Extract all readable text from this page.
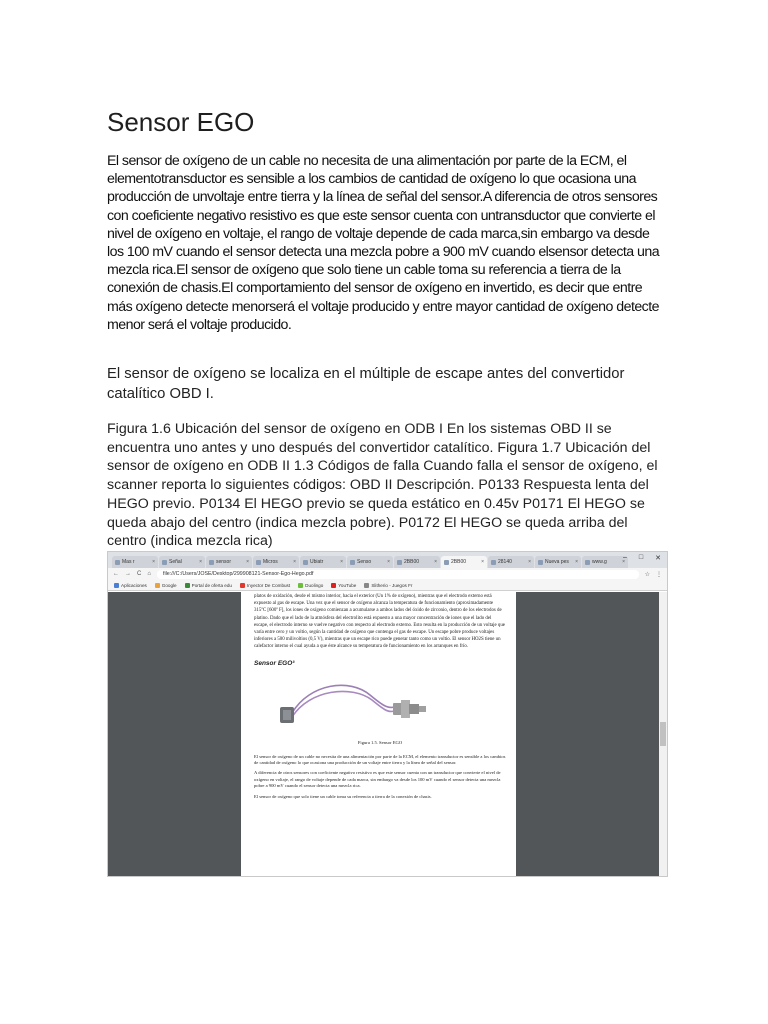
Sensor EGO

El sensor de oxígeno de un cable no necesita de una alimentación por parte de la ECM, el elementotransductor es sensible a los cambios de cantidad de oxígeno lo que ocasiona una producción de unvoltaje entre tierra y la línea de señal del sensor.A diferencia de otros sensores con coeficiente negativo resistivo es que este sensor cuenta con untransductor que convierte el nivel de oxígeno en voltaje, el rango de voltaje depende de cada marca,sin embargo va desde los 100 mV cuando el sensor detecta una mezcla pobre a 900 mV cuando elsensor detecta una mezcla rica.El sensor de oxígeno que solo tiene un cable toma su referencia a tierra de la conexión de chasis.El comportamiento del sensor de oxígeno en invertido, es decir que entre más oxígeno detecte menorserá el voltaje producido y entre mayor cantidad de oxígeno detecte menor será el voltaje producido.

El sensor de oxígeno se localiza en el múltiple de escape antes del convertidor catalítico OBD I.

Figura 1.6 Ubicación del sensor de oxígeno en ODB I En los sistemas OBD II se encuentra uno antes y uno después del convertidor catalítico. Figura 1.7 Ubicación del sensor de oxígeno en ODB II 1.3 Códigos de falla Cuando falla el sensor de oxígeno, el scanner reporta lo siguientes códigos: OBD II Descripción. P0133 Respuesta lenta del HEGO previo. P0134 El HEGO previo se queda estático en 0.45v P0171 El HEGO se queda abajo del centro (indica mezcla pobre). P0172 El HEGO se queda arriba del centro (indica mezcla rica)

Mas r	×	Señal	×	sensor	×	Micros	×	Ubiatr	×	Senso	×	2BB00	×	2BB00	×	28140	×	Nueva pes ×	www.g	×
– □ ✕
← → C ⌂	file:///C:/Users/JOSE/Desktop/299908121-Sensor-Ego-Hego.pdf	☆ ⋮
Aplicaciones	Google	Portal de oferta edu	Inyector De Combust	Duolingo	YouTube	Slitherio - Juegos Fr

platos de oxidación, desde el mismo interior, hacia el exterior (Un 1% de oxígeno), mientras que el electrodo externo está expuesto al gas de escape. Una vez que el sensor de oxígeno alcanza la temperatura de funcionamiento (aproximadamente 315ºC [600º F], los iones de oxígeno comienzan a acumularse a ambos lados del óxido de zirconio, dentro de los electrodos de platino. Dado que el lado de la atmósfera del electrolito está expuesto a una mayor concentración de iones que el lado del escape, el electrodo interno se vuelve negativo con respecto al electrodo externo. Esto resulta en la producción de un voltaje que varía entre cero y un voltio, según la cantidad de oxígeno que contenga el gas de escape. Un escape pobre produce voltajes inferiores a 500 milivoltios (0,5 V), mientras que un escape rico puede generar tanto como un voltio. El sensor HO2S tiene un calefactor interno el cual ayuda a que éste alcance su temperatura de funcionamiento en los arranques en frío.

Sensor EGO³
Figura 1.5. Sensor EGO

El sensor de oxígeno de un cable no necesita de una alimentación por parte de la ECM, el elemento transductor es sensible a los cambios de cantidad de oxígeno lo que ocasiona una producción de un voltaje entre tierra y la línea de señal del sensor.

A diferencia de otros sensores con coeficiente negativo resistivo es que este sensor cuenta con un transductor que convierte el nivel de oxígeno en voltaje, el rango de voltaje depende de cada marca, sin embargo va desde los 100 mV cuando el sensor detecta una mezcla pobre a 900 mV cuando el sensor detecta una mezcla rica.

El sensor de oxígeno que solo tiene un cable toma su referencia a tierra de la conexión de chasis.
